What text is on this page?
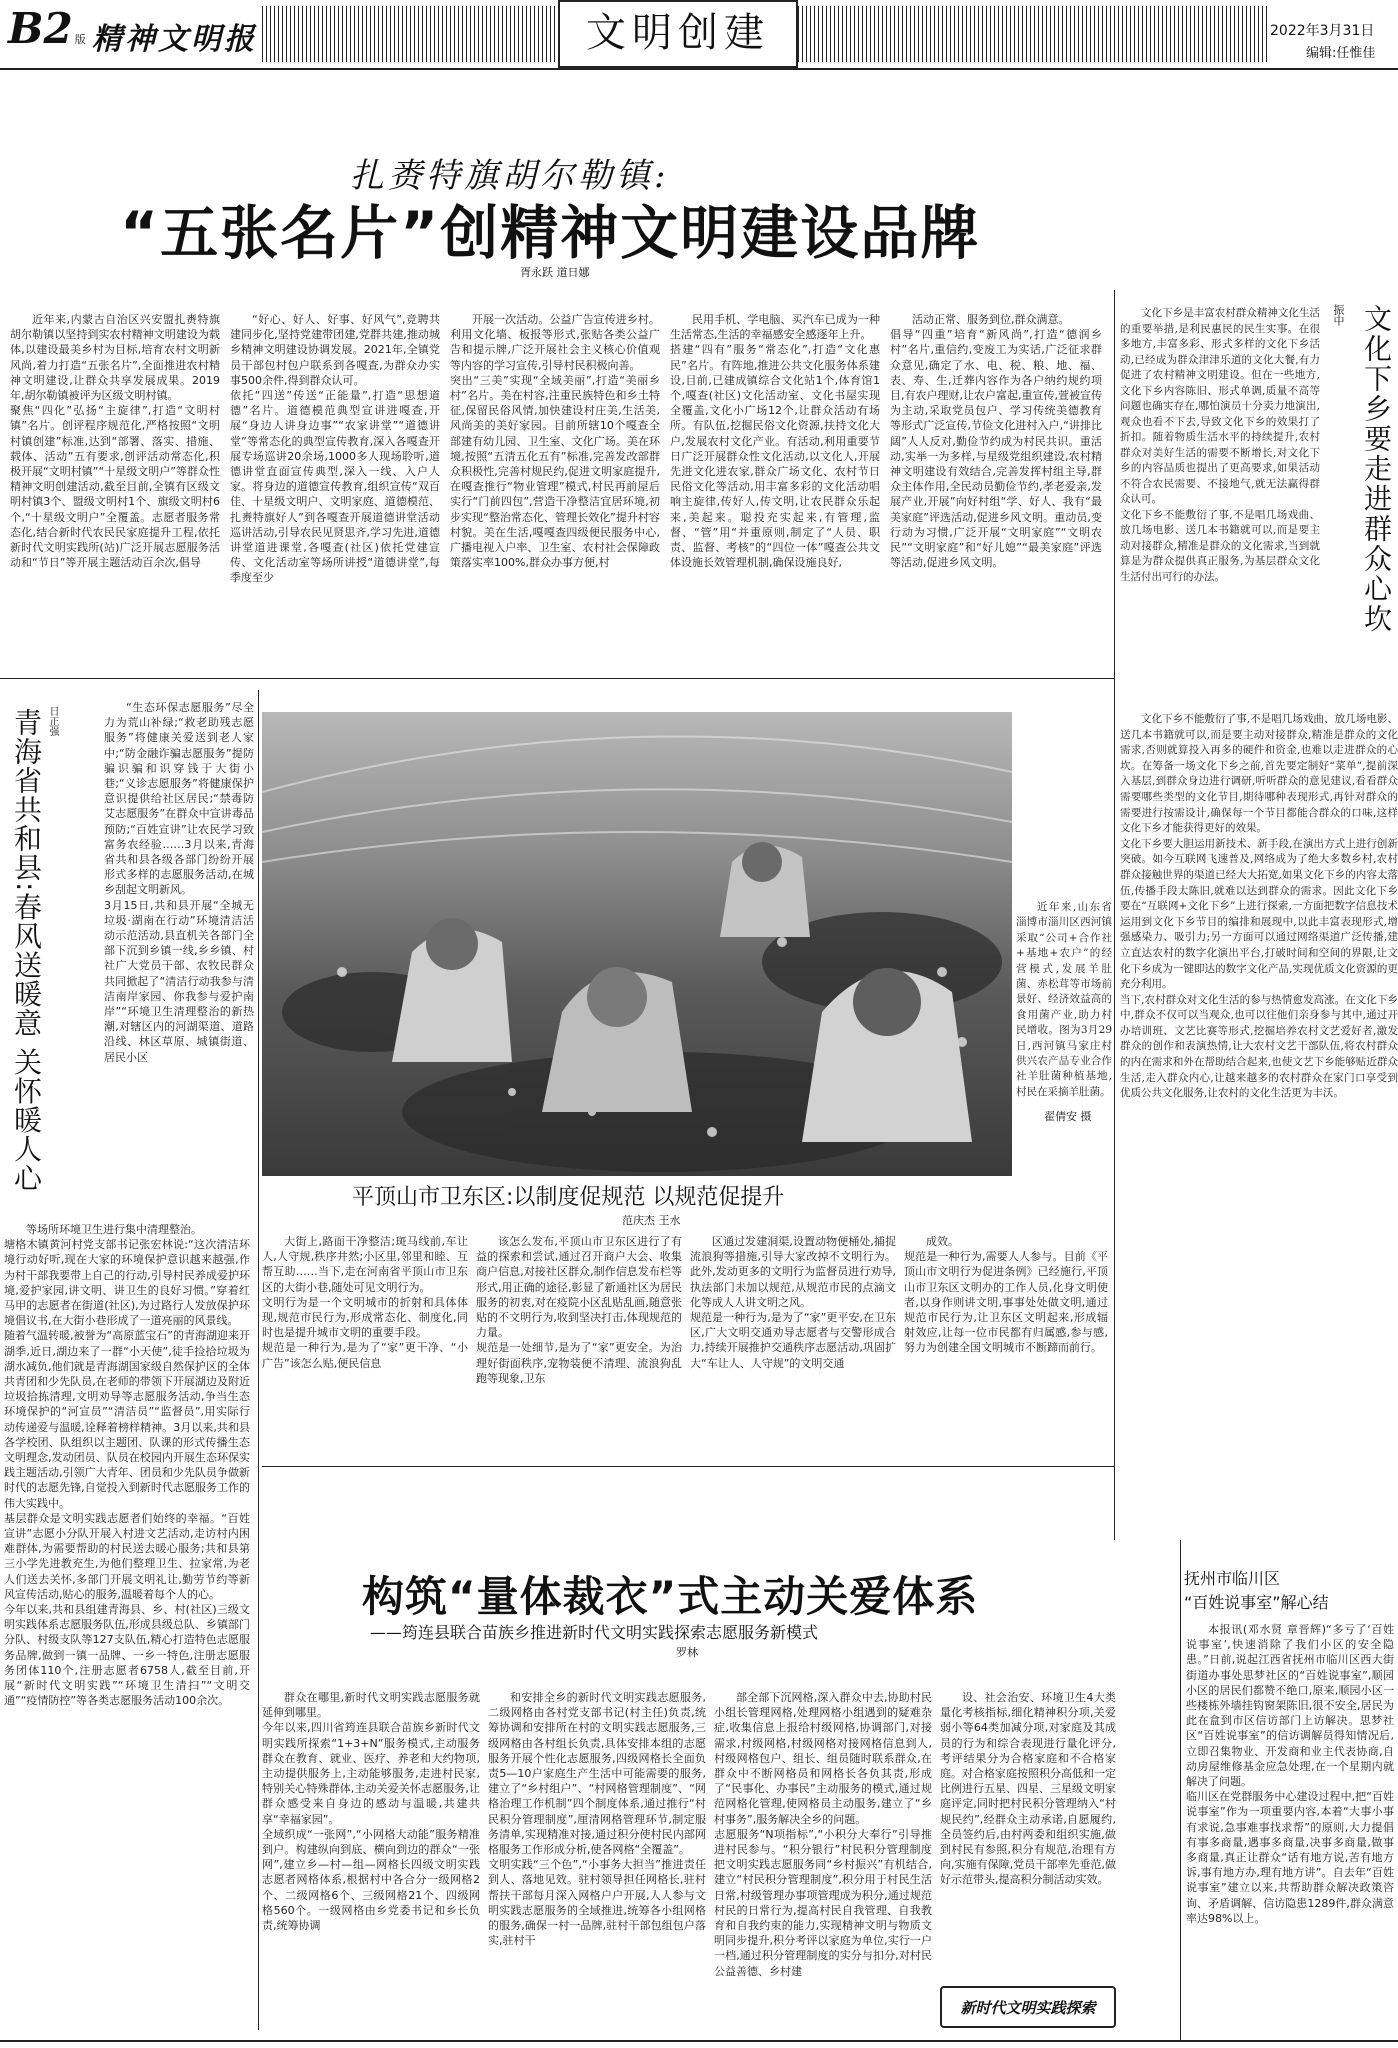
B2 版 精神文明报	文明创建	2022年3月31日
编辑:任惟佳
扎赉特旗胡尔勒镇:
“五张名片”创精神文明建设品牌
胥永跃 道日娜

近年来,内蒙古自治区兴安盟扎赉特旗胡尔勒镇以坚持到实农村精神文明建设为载体,以建设最美乡村为目标,培育农村文明新风尚,着力打造“五张名片”,全面推进农村精神文明建设,让群众共享发展成果。2019年,胡尔勒镇被评为区级文明村镇。
聚焦“四化”弘扬“主旋律”,打造“文明村镇”名片。创评程序规范化,严格按照“文明村镇创建”标准,达到“部署、落实、措施、载体、活动”五有要求,创评活动常态化,积极开展“文明村镇”“十星级文明户”等群众性精神文明创建活动,截至目前,全镇有区级文明村镇3个、盟级文明村1个、旗级文明村6个,“十星级文明户”全覆盖。志愿者服务常态化,结合新时代农民民家庭提升工程,依托新时代文明实践所(站)广泛开展志愿服务活动和“节日”等开展主题活动百余次,倡导

“好心、好人、好事、好风气”,竞聘共建同步化,坚持党建带团建,党群共建,推动城乡精神文明建设协调发展。2021年,全镇党员干部包村包户联系到各嘎查,为群众办实事500余件,得到群众认可。
依托“四送”传送“正能量”,打造“思想道德”名片。道德模范典型宣讲进嘎查,开展“身边人讲身边事”“农家讲堂”“道德讲堂”等常态化的典型宣传教育,深入各嘎查开展专场巡讲20余场,1000多人现场聆听,道德讲堂直面宣传典型,深入一线、入户人家。将身边的道德宣传教育,组织宣传“双百佳、十星级文明户、文明家庭、道德模范、扎赉特旗好人”到各嘎查开展道德讲堂活动巡讲活动,引导农民见贤思齐,学习先进,道德讲堂道进课堂,各嘎查(社区)依托党建宣传、文化活动室等场所讲授“道德讲堂”,每季度至少

开展一次活动。公益广告宣传进乡村。利用文化墙、板报等形式,张贴各类公益广告和提示牌,广泛开展社会主义核心价值观等内容的学习宣传,引导村民积极向善。
突出“三美”实现“全域美丽”,打造“美丽乡村”名片。美在村容,注重民族特色和乡土特征,保留民俗风情,加快建设村庄美,生活美,风尚美的美好家园。目前所辖10个嘎查全部建有幼儿园、卫生室、文化广场。美在环境,按照“五清五化五有”标准,完善发改部群众积极性,完善村规民约,促进文明家庭提升,在嘎查推行“物业管理”模式,村民再前屋后实行“门前四包”,营造干净整洁宜居环境,初步实现“整治常态化、管理长效化”提升村容村貌。美在生活,嘎嘎查四级便民服务中心,广播电视入户率、卫生室、农村社会保障政策落实率100%,群众办事方便,村

民用手机、学电脑、买汽车已成为一种生活常态,生活的幸福感安全感逐年上升。
搭建“四有”服务“常态化”,打造“文化惠民”名片。有阵地,推进公共文化服务体系建设,目前,已建成镇综合文化站1个,体育馆1个,嘎查(社区)文化活动室、文化书屋实现全覆盖,文化小广场12个,让群众活动有场所。有队伍,挖掘民俗文化资源,扶持文化大户,发展农村文化产业。有活动,利用重要节日广泛开展群众性文化活动,以文化人,开展先进文化进农家,群众广场文化、农村节日民俗文化等活动,用丰富多彩的文化活动唱响主旋律,传好人,传文明,让农民群众乐起来,美起来。聪投充实起来,有管理,监督、“管”用“并重原则,制定了“人员、职责、监督、考核”的“四位一体”嘎查公共文体设施长效管理机制,确保设施良好,

活动正常、服务到位,群众满意。
倡导“四重”培育“新风尚”,打造“德润乡村”名片,重信约,变废工为实话,广泛征求群众意见,确定了水、电、税、粮、地、福、表、寿、生,迁葬内容作为各户纳约规约项目,有农户理财,让农户富起,重宣传,萱被宣传为主动,采取党员包户、学习传统美德教育等形式广泛宣传,节俭文化进村入户,“讲排比阔”人人反对,勤俭节约成为村民共识。重活动,实举一为多样,与星级党组织建设,农村精神文明建设有效结合,完善发挥村组主导,群众主体作用,全民动员勤俭节约,孝老爱亲,发展产业,开展”向好村组“学、好人、我有“最美家庭”评选活动,促进乡风文明。重动员,变行动为习惯,广泛开展“文明家庭”“文明农民”“文明家庭”和“好儿媳”“最美家庭”评选等活动,促进乡风文明。	文化下乡要走进群众心坎
振中

文化下乡是丰富农村群众精神文化生活的重要举措,是利民惠民的民生实事。在很多地方,丰富多彩、形式多样的文化下乡活动,已经成为群众津津乐道的文化大餐,有力促进了农村精神文明建设。但在一些地方,文化下乡内容陈旧、形式单调,质量不高等问题也确实存在,哪怕演员十分卖力地演出,观众也看不下去,导致文化下乡的效果打了折扣。随着物质生活水平的持续提升,农村群众对美好生活的需要不断增长,对文化下乡的内容品质也提出了更高要求,如果活动不符合农民需要、不接地气,就无法赢得群众认可。
文化下乡不能敷衍了事,不是唱几场戏曲、放几场电影、送几本书籍就可以,而是要主动对接群众,精准是群众的文化需求,当到就算是为群众提供真正服务,为基层群众文化生活付出可行的办法。

文化下乡不能敷衍了事,不是唱几场戏曲、放几场电影、送几本书籍就可以,而是要主动对接群众,精准是群众的文化需求,否则就算投入再多的硬件和资金,也难以走进群众的心坎。在筹备一场文化下乡之前,首先要定制好“菜单”,提前深入基层,到群众身边进行调研,听听群众的意见建议,看看群众需要哪些类型的文化节目,期待哪种表现形式,再针对群众的需要进行按需设计,确保每一个节目都能合群众的口味,这样文化下乡才能获得更好的效果。
文化下乡要大胆运用新技术、新手段,在演出方式上进行创新突破。如今互联网飞速普及,网络成为了绝大多数乡村,农村群众接触世界的渠道已经大大拓宽,如果文化下乡的内容太落伍,传播手段太陈旧,就难以达到群众的需求。因此文化下乡要在“互联网+文化下乡”上进行探索,一方面把数字信息技术运用到文化下乡节目的编排和展现中,以此丰富表现形式,增强感染力、吸引力;另一方面可以通过网络渠道广泛传播,建立直达农村的数字化演出平台,打破时间和空间的界限,让文化下乡成为一键即达的数字文化产品,实现优质文化资源的更充分利用。
当下,农村群众对文化生活的参与热情愈发高涨。在文化下乡中,群众不仅可以当观众,也可以往他们亲身参与其中,通过开办培训班、文艺比赛等形式,挖掘培养农村文艺爱好者,激发群众的创作和表演热情,让大农村文艺干部队伍,将农村群众的内在需求和外在帮助结合起来,也使文艺下乡能够贴近群众生活,走入群众内心,让越来越多的农村群众在家门口享受到优质公共文化服务,让农村的文化生活更为丰沃。

青海省共和县:春风送暖意 关怀暖人心 日正强	“生态环保志愿服务”尽全力为荒山补绿;“救老助残志愿服务”将健康关爱送到老人家中;“防金融诈骗志愿服务”提防骗识骗和识穿钱于大街小巷;“义诊志愿服务”将健康保护意识提供给社区居民;“禁毒防艾志愿服务”在群众中宣讲毒品预防;“百姓宣讲”让农民学习致富务农经验……3月以来,青海省共和县各级各部门纷纷开展形式多样的志愿服务活动,在城乡刮起文明新风。
3月15日,共和县开展“全城无垃圾·湖南在行动”环境清洁活动示范活动,县直机关各部门全部下沉到乡镇一线,乡乡镇、村社广大党员干部、农牧民群众共同掀起了“清洁行动我参与清洁南岸家园、你我参与爱护南岸”“环境卫生清理整治的新热潮,对辖区内的河湖渠道、道路沿线、林区草原、城镇街道、居民小区

等场所环境卫生进行集中清理整治。
塘格木镇黄河村党支部书记张宏林说:“这次清洁环境行动好听,现在大家的环境保护意识越来越强,作为村干部我要带上自己的行动,引导村民养成爱护环境,爱护家园,讲文明、讲卫生的良好习惯。”穿着红马甲的志愿者在街道(社区),为过路行人发放保护环境倡议书,在大街小巷形成了一道亮丽的风景线。
随着气温转暖,被誉为“高原蓝宝石”的青海湖迎来开湖季,近日,湖边来了一群“小天使”,徒手捡拾垃圾为湖水减负,他们就是青海湖国家级自然保护区的全体共青团和少先队员,在老师的带领下开展湖边及附近垃圾拾拣清理,文明劝导等志愿服务活动,争当生态环境保护的“河宣员”“清洁员”“监督员”,用实际行动传递爱与温暖,诠释着榜样精神。3月以来,共和县各学校团、队组织以主题团、队课的形式传播生态文明理念,发动团员、队员在校园内开展生态环保实践主题活动,引领广大青年、团员和少先队员争做新时代的志愿先锋,自觉投入到新时代志愿服务工作的伟大实践中。
基层群众是文明实践志愿者们始终的幸福。“百姓宣讲”志愿小分队开展入村进文艺活动,走访村内困难群体,为需要帮助的村民送去暖心服务;共和县第三小学先进教充生,为他们整理卫生、拉家常,为老人们送去关怀,多部门开展文明礼让,勤劳节约等新风宣传活动,贴心的服务,温暖着每个人的心。
今年以来,共和县组建青海县、乡、村(社区)三级文明实践体系志愿服务队伍,形成县级总队、乡镇部门分队、村级支队等127支队伍,精心打造特色志愿服务品牌,做到一镇一品牌、一乡一特色,注册志愿服务团体110个,注册志愿者6758人,截至目前,开展“新时代文明实践”“环境卫生清扫”“文明交通”“疫情防控”等各类志愿服务活动100余次。

近年来,山东省淄博市淄川区西河镇采取“公司+合作社+基地+农户”的经营模式,发展羊肚菌、赤松茸等市场前景好、经济效益高的食用菌产业,助力村民增收。图为3月29日,西河镇马家庄村供兴农产品专业合作社羊肚菌种植基地,村民在采摘羊肚菌。

翟倩安 摄
平顶山市卫东区:以制度促规范 以规范促提升
范庆杰 王水

大街上,路面干净整洁;斑马线前,车让人,人守规,秩序井然;小区里,邻里和睦、互帮互助……当下,走在河南省平顶山市卫东区的大街小巷,随处可见文明行为。
文明行为是一个文明城市的折射和具体体现,规范市民行为,形成常态化、制度化,同时也是提升城市文明的重要手段。
规范是一种行为,是为了“家”更干净、“小广告”该怎么贴,便民信息

该怎么发布,平顶山市卫东区进行了有益的探索和尝试,通过召开商户大会、收集商户信息,对接社区群众,制作信息发布栏等形式,用正确的途径,彰显了新通社区为居民服务的初衷,对在疫院小区乱贴乱画,随意张贴的不文明行为,收到坚决打击,体现规范的力量。
规范是一处细节,是为了“家”更安全。为治理好街面秩序,宠物装便不清理、流浪狗乱跑等现象,卫东

区通过发建洞渠,设置动物便桶处,捕捉流浪狗等措施,引导大家改掉不文明行为。此外,发动更多的文明行为监督员进行劝导,执法部门未加以规范,从规范市民的点滴文化等成人人讲文明之风。
规范是一种行为,是为了“家”更平安,在卫东区,广大文明交通劝导志愿者与交警形成合力,持续开展推护交通秩序志愿活动,巩固扩大“车让人、人守规”的文明交通

成效。
规范是一种行为,需要人人参与。目前《平顶山市文明行为促进条例》已经施行,平顶山市卫东区文明办的工作人员,化身文明使者,以身作则讲文明,事事处处做文明,通过规范市民行为,让卫东区文明起来,形成辐射效应,让每一位市民都有归属感,参与感,努力为创建全国文明城市不断蹄而前行。

抚州市临川区
“百姓说事室”解心结

本报讯(邓水贤 章晋辉)“多亏了‘百姓说事室’,快速消除了我们小区的安全隐患。”日前,说起江西省抚州市临川区西大街街道办事处思梦社区的“百姓说事室”,顺园小区的居民们都赞不绝口,原来,顺园小区一些楼栋外墙挂钩窗架陈旧,很不安全,居民为此在盒到市区信访部门上访解决。思梦社区“百姓说事室”的信访调解员得知情况后,立即召集物业、开发商和业主代表协商,自动房屋维修基金应急处理,在一个星期内就解决了问题。
临川区在党群服务中心建设过程中,把“百姓说事室”作为一项重要内容,本着“大事小事有求说,急事难事找求帮”的原则,大力提倡有事多商量,遇事多商量,决事多商量,做事多商量,真正让群众“话有地方说,苦有地方诉,事有地方办,理有地方讲”。自去年“百姓说事室”建立以来,共帮助群众解决政策咨询、矛盾调解、信访隐患1289件,群众满意率达98%以上。

构筑“量体裁衣”式主动关爱体系
——筠连县联合苗族乡推进新时代文明实践探索志愿服务新模式
罗林

群众在哪里,新时代文明实践志愿服务就延伸到哪里。
今年以来,四川省筠连县联合苗族乡新时代文明实践所探索“1+3+N”服务模式,主动服务群众在教育、就业、医疗、养老和大约物项,主动提供服务上,主动能够服务,走进村民家,特别关心特殊群体,主动关爱关怀志愿服务,让群众感受来自身边的感动与温暖,共建共享“幸福家园”。
全域织成“一张网”,“小网格大动能”服务精准到户。构建纵向到底、横向到边的群众“一张网”,建立乡—村—组—网格长四级文明实践志愿者网格体系,根据村中各合分一级网格2个、二级网格6个、三级网格21个、四级网格560个。一级网格由乡党委书记和乡长负责,统筹协调

和安排全乡的新时代文明实践志愿服务,二级网格由各村党支部书记(村主任)负责,统筹协调和安排所在村的文明实践志愿服务,三级网格由各村组长负责,具体安排本组的志愿服务开展个性化志愿服务,四级网格长全面负责5—10户家庭生产生活中可能需要的服务,建立了“乡村组户”、“村网格管理制度”、“网格治理工作机制”四个制度体系,通过推行“村民积分管理制度”,厘清网格管理环节,制定服务清单,实现精准对接,通过积分使村民内部网格服务工作形成分析,使各网格“全覆盖”。
文明实践“三个色”,“小事务大担当”推进责任到人、落地见效。驻村领导担任网格长,驻村帮扶干部每月深入网格户户开展,人人参与文明实践志愿服务的全域推进,统筹各小组网格的服务,确保一村一品牌,驻村干部包组包户落实,驻村干

部全部下沉网格,深入群众中去,协助村民小组长管理网格,处理网格小组遇到的疑难杂症,收集信息上报给村级网格,协调部门,对接需求,村级网格,村级网格对接网格信息到人,村级网格包户、组长、组员随时联系群众,在群众中不断网格员和网格长各负其责,形成了“民事化、办事民”主动服务的模式,通过规范网格化管理,使网格员主动服务,建立了“乡村事务”,服务解决全乡的问题。
志愿服务“N项指标”,“小积分大奉行”引导推进村民参与。“积分银行”村民积分管理制度把文明实践志愿服务同“乡村振兴”有机结合,建立“村民积分管理制度”,积分用于村民生活日常,村级管理办事项管理成为积分,通过规范村民的日常行为,提高村民自我管理、自我教育和自我约束的能力,实现精神文明与物质文明同步提升,积分考评以家庭为单位,实行一户一档,通过积分管理制度的实分与扣分,对村民公益善德、乡村建

设、社会治安、环境卫生4大类量化考核指标,细化精神积分项,关爱弱小等64类加减分项,对家庭及其成员的行为和综合表现进行量化评分,考评结果分为合格家庭和不合格家庭。对合格家庭按照积分高低和一定比例进行五星、四星、三星级文明家庭评定,同时把村民积分管理纳入“村规民约”,经群众主动承诺,自愿履约,全员签约后,由村两委和组织实施,做到村民有参照,积分有规范,治理有方向,实施有保障,党员干部率先垂范,做好示范带头,提高积分制活动实效。

新时代文明实践探索
